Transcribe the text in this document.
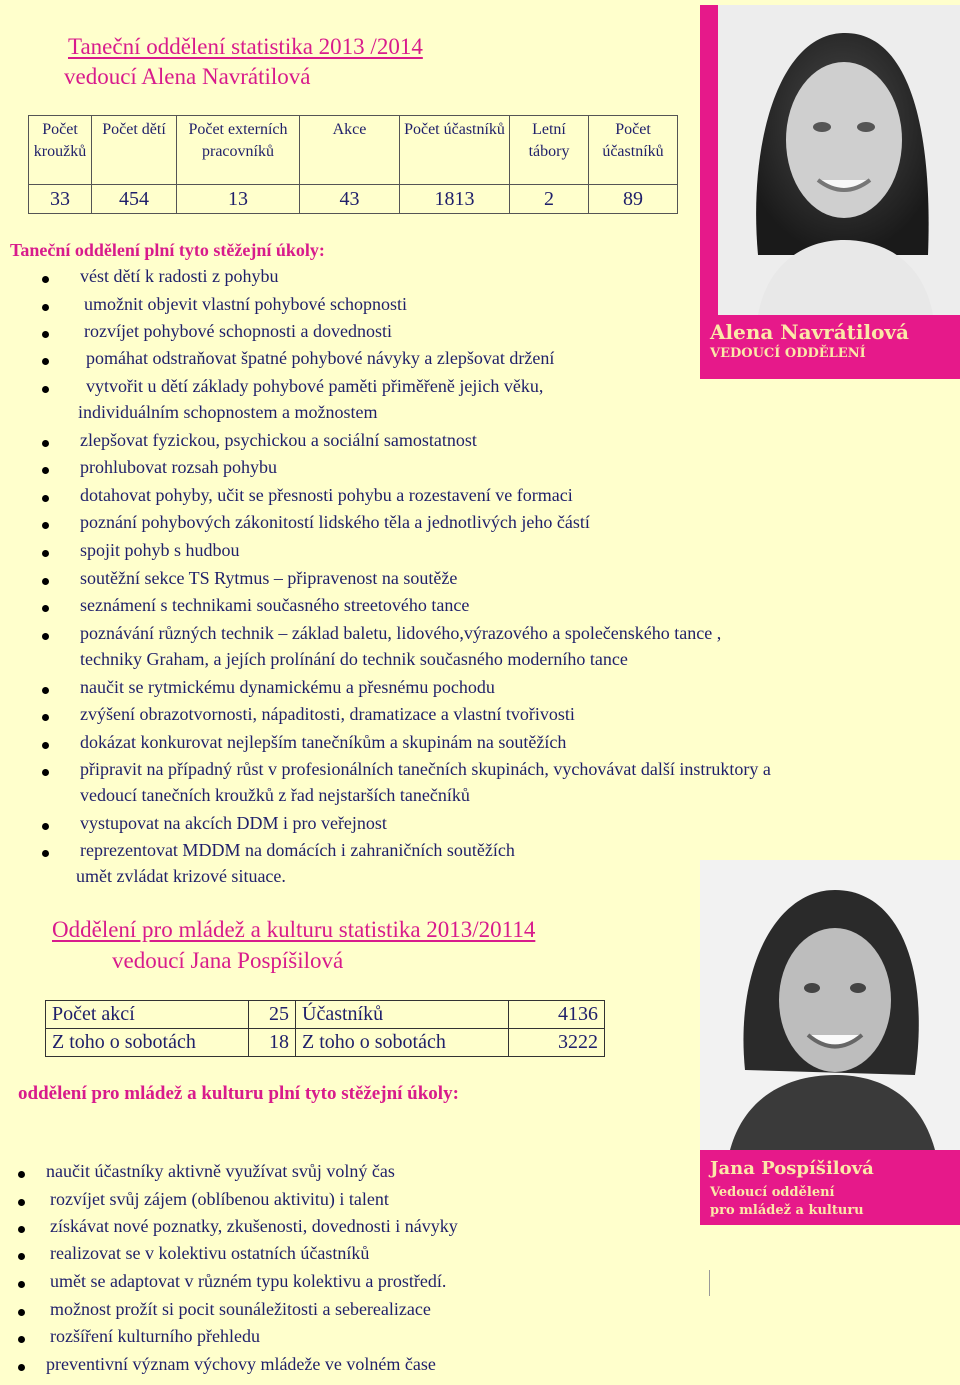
Taneční oddělení statistika 2013 /2014
vedoucí Alena Navrátilová
Počet kroužků	Počet dětí	Počet externích pracovníků	Akce	Počet účastníků	Letní tábory	Počet účastníků
33	454	13	43	1813	2	89
Alena Navrátilová
VEDOUCÍ ODDĚLENÍ
Taneční oddělení plní tyto stěžejní úkoly:
vést dětí k radosti z pohybu
umožnit objevit vlastní pohybové schopnosti
rozvíjet pohybové schopnosti a dovednosti
pomáhat odstraňovat špatné pohybové návyky a zlepšovat držení
vytvořit u dětí základy pohybové paměti přiměřeně jejich věku,
individuálním schopnostem a možnostem
zlepšovat fyzickou, psychickou a sociální samostatnost
prohlubovat rozsah pohybu
dotahovat pohyby, učit se přesnosti pohybu a rozestavení ve formaci
poznání pohybových zákonitostí lidského těla a jednotlivých jeho částí
spojit pohyb s hudbou
soutěžní sekce TS Rytmus – připravenost na soutěže
seznámení s technikami současného streetového tance
poznávání různých technik – základ baletu, lidového,výrazového a společenského tance ,
techniky Graham, a jejích prolínání do technik současného moderního tance
naučit se rytmickému dynamickému a přesnému pochodu
zvýšení obrazotvornosti, nápaditosti, dramatizace a vlastní tvořivosti
dokázat konkurovat nejlepším tanečníkům a skupinám na soutěžích
připravit na případný růst v profesionálních tanečních skupinách, vychovávat další instruktory a
vedoucí tanečních kroužků z řad nejstarších tanečníků
vystupovat na akcích DDM i pro veřejnost
reprezentovat MDDM na domácích i zahraničních soutěžích
umět zvládat krizové situace.
Oddělení pro mládež a kulturu statistika 2013/20114
vedoucí Jana Pospíšilová
Počet akcí	25	Účastníků	4136
Z toho o sobotách	18	Z toho o sobotách	3222
Jana Pospíšilová
Vedoucí oddělení
pro mládež a kulturu
oddělení pro mládež a kulturu plní tyto stěžejní úkoly:
naučit účastníky aktivně využívat svůj volný čas
rozvíjet svůj zájem (oblíbenou aktivitu) i talent
získávat nové poznatky, zkušenosti, dovednosti i návyky
realizovat se v kolektivu ostatních účastníků
umět se adaptovat v různém typu kolektivu a prostředí.
možnost prožít si pocit sounáležitosti a seberealizace
rozšíření kulturního přehledu
preventivní význam výchovy mládeže ve volném čase
